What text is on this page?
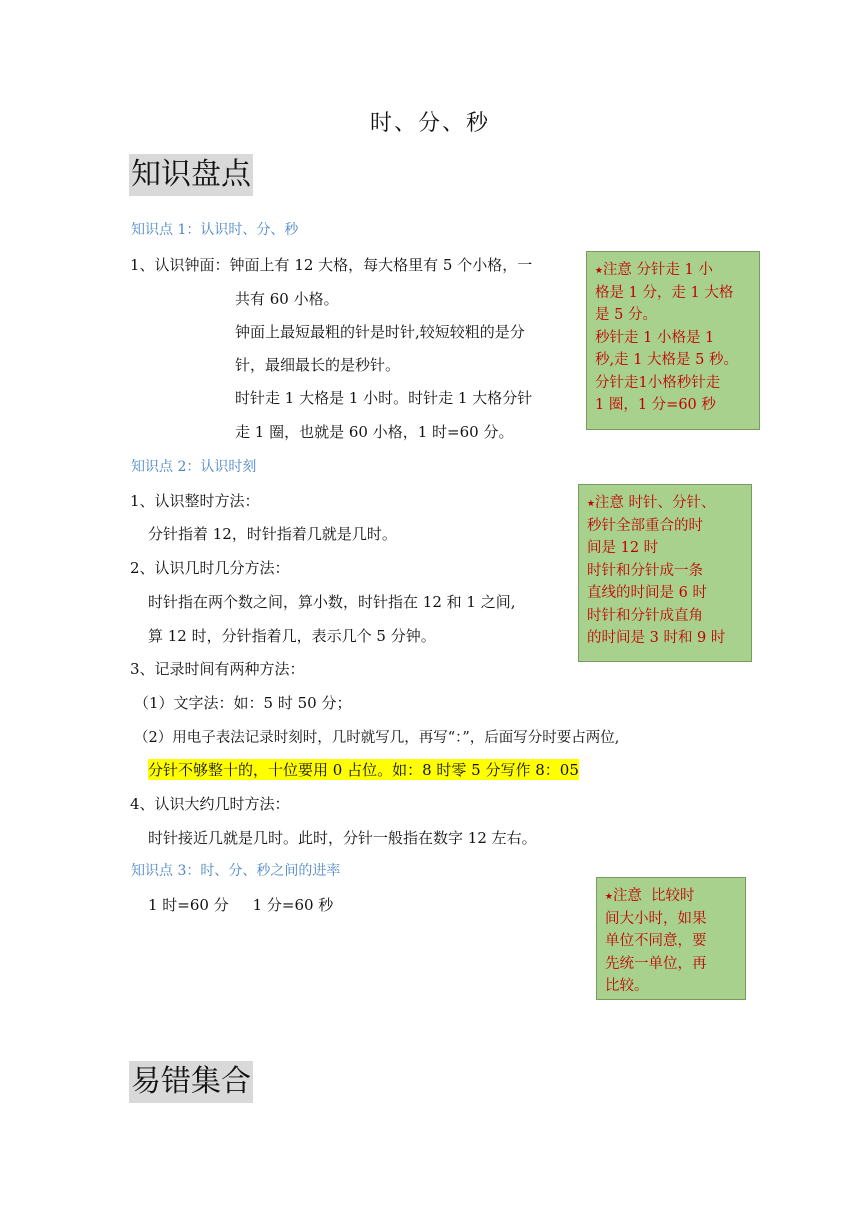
时、分、秒
知识盘点
知识点 1：认识时、分、秒
1、认识钟面：钟面上有 12 大格，每大格里有 5 个小格，一
共有 60 小格。
钟面上最短最粗的针是时针,较短较粗的是分
针，最细最长的是秒针。
时针走 1 大格是 1 小时。时针走 1 大格分针
走 1 圈，也就是 60 小格，1 时=60 分。
⭑注意 分针走 1 小
格是 1 分，走 1 大格
是 5 分。
秒针走 1 小格是 1
秒,走 1 大格是 5 秒。
分针走1小格秒针走
1 圈，1 分=60 秒
知识点 2：认识时刻
1、认识整时方法：
分针指着 12，时针指着几就是几时。
2、认识几时几分方法：
时针指在两个数之间，算小数，时针指在 12 和 1 之间,
算 12 时，分针指着几，表示几个 5 分钟。
3、记录时间有两种方法：
（1）文字法：如：5 时 50 分；
（2）用电子表法记录时刻时，几时就写几，再写“：”，后面写分时要占两位,
分针不够整十的，十位要用 0 占位。如：8 时零 5 分写作 8：05
4、认识大约几时方法：
时针接近几就是几时。此时，分针一般指在数字 12 左右。
⭑注意 时针、分针、
秒针全部重合的时
间是 12 时
时针和分针成一条
直线的时间是 6 时
时针和分针成直角
的时间是 3 时和 9 时
知识点 3：时、分、秒之间的进率
1 时=60 分     1 分=60 秒	⭑注意  比较时
间大小时，如果
单位不同意，要
先统一单位，再
比较。
易错集合
